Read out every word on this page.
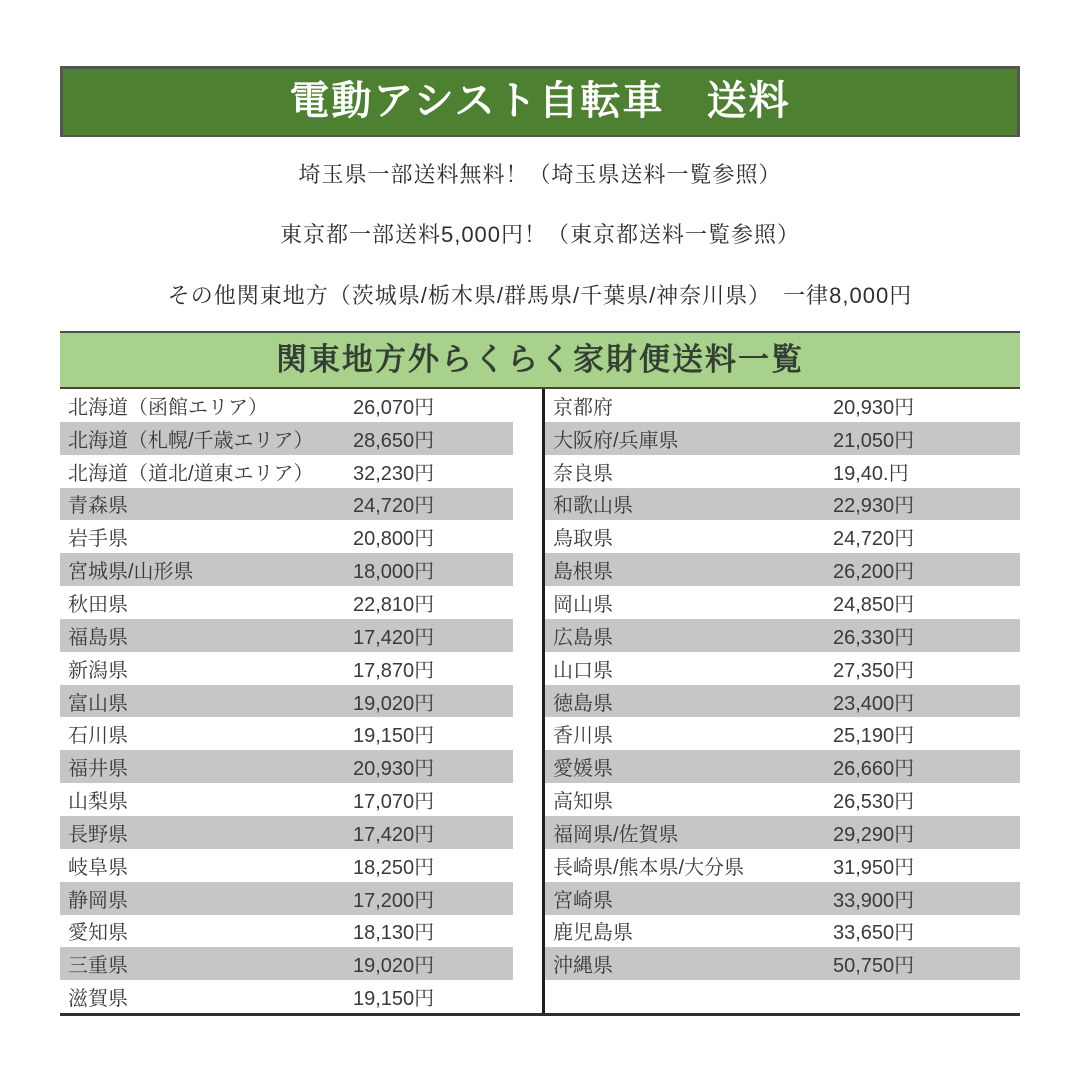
電動アシスト自転車　送料

埼玉県一部送料無料！（埼玉県送料一覧参照）

東京都一部送料5,000円！（東京都送料一覧参照）

その他関東地方（茨城県/栃木県/群馬県/千葉県/神奈川県）　一律8,000円

関東地方外らくらく家財便送料一覧
北海道（函館エリア）	26,070円
北海道（札幌/千歳エリア）	28,650円
北海道（道北/道東エリア）	32,230円
青森県	24,720円
岩手県	20,800円
宮城県/山形県	18,000円
秋田県	22,810円
福島県	17,420円
新潟県	17,870円
富山県	19,020円
石川県	19,150円
福井県	20,930円
山梨県	17,070円
長野県	17,420円
岐阜県	18,250円
静岡県	17,200円
愛知県	18,130円
三重県	19,020円
滋賀県	19,150円
京都府	20,930円
大阪府/兵庫県	21,050円
奈良県	19,40.円
和歌山県	22,930円
鳥取県	24,720円
島根県	26,200円
岡山県	24,850円
広島県	26,330円
山口県	27,350円
徳島県	23,400円
香川県	25,190円
愛媛県	26,660円
高知県	26,530円
福岡県/佐賀県	29,290円
長崎県/熊本県/大分県	31,950円
宮崎県	33,900円
鹿児島県	33,650円
沖縄県	50,750円
